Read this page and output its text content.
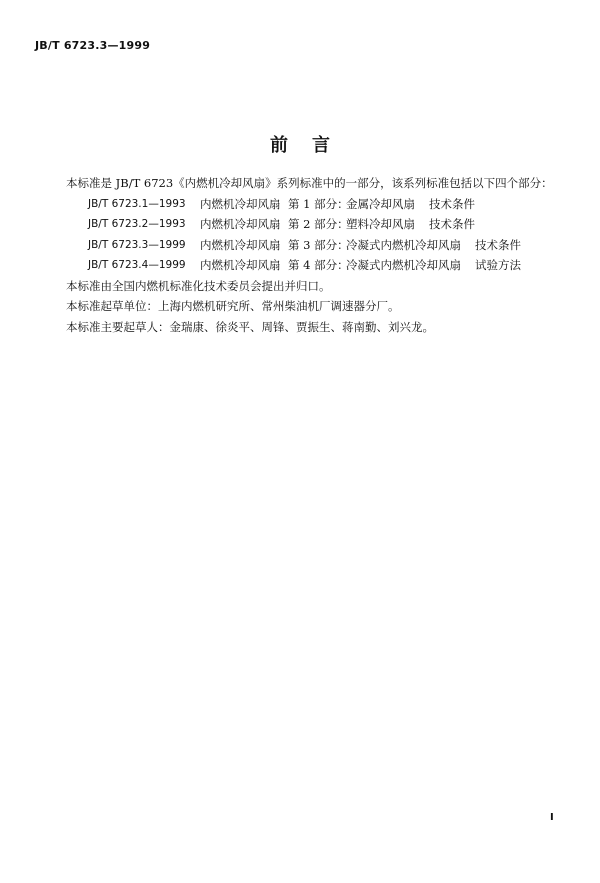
JB/T 6723.3—1999
前言

本标准是 JB/T 6723《内燃机冷却风扇》系列标准中的一部分，该系列标准包括以下四个部分：

JB/T 6723.1—1993	内燃机冷却风扇 第 1 部分：
金属冷却风扇 技术条件
JB/T 6723.2—1993	内燃机冷却风扇 第 2 部分：
塑料冷却风扇 技术条件
JB/T 6723.3—1999	内燃机冷却风扇 第 3 部分：
冷凝式内燃机冷却风扇 技术条件
JB/T 6723.4—1999	内燃机冷却风扇 第 4 部分：
冷凝式内燃机冷却风扇 试验方法

本标准由全国内燃机标准化技术委员会提出并归口。

本标准起草单位：上海内燃机研究所、常州柴油机厂调速器分厂。

本标准主要起草人：金瑞康、徐炎平、周锋、贾振生、蒋南勤、刘兴龙。

I
